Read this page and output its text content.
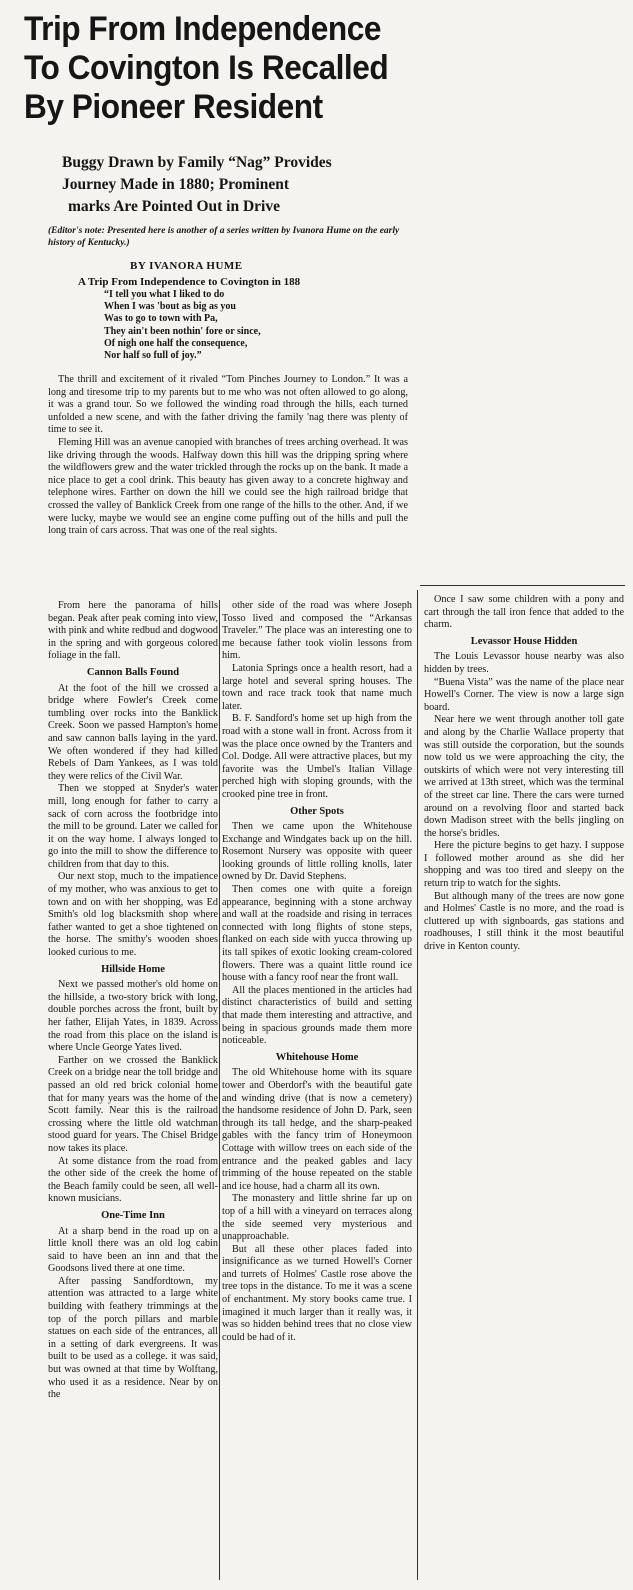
Trip From Independence
To Covington Is Recalled
By Pioneer Resident
Buggy Drawn by Family “Nag” Provides
Journey Made in 1880; Prominent
marks Are Pointed Out in Drive
(Editor's note: Presented here is another of a series written by Ivanora Hume on the early history of Kentucky.)
BY IVANORA HUME
A Trip From Independence to Covington in 188
“I tell you what I liked to do
When I was 'bout as big as you
Was to go to town with Pa,
They ain't been nothin' fore or since,
Of nigh one half the consequence,
Nor half so full of joy.”

The thrill and excitement of it rivaled “Tom Pinches Journey to London.” It was a long and tiresome trip to my parents but to me who was not often allowed to go along, it was a grand tour. So we followed the winding road through the hills, each turned unfolded a new scene, and with the father driving the family 'nag there was plenty of time to see it.

Fleming Hill was an avenue canopied with branches of trees arching overhead. It was like driving through the woods. Halfway down this hill was the dripping spring where the wildflowers grew and the water trickled through the rocks up on the bank. It made a nice place to get a cool drink. This beauty has given away to a concrete highway and telephone wires. Farther on down the hill we could see the high railroad bridge that crossed the valley of Banklick Creek from one range of the hills to the other. And, if we were lucky, maybe we would see an engine come puffing out of the hills and pull the long train of cars across. That was one of the real sights.

From here the panorama of hills began. Peak after peak coming into view, with pink and white redbud and dogwood in the spring and with gorgeous colored foliage in the fall.

Cannon Balls Found

At the foot of the hill we crossed a bridge where Fowler's Creek come tumbling over rocks into the Banklick Creek. Soon we passed Hampton's home and saw cannon balls laying in the yard. We often wondered if they had killed Rebels of Dam Yankees, as I was told they were relics of the Civil War.

Then we stopped at Snyder's water mill, long enough for father to carry a sack of corn across the footbridge into the mill to be ground. Later we called for it on the way home. I always longed to go into the mill to show the difference to children from that day to this.

Our next stop, much to the impatience of my mother, who was anxious to get to town and on with her shopping, was Ed Smith's old log blacksmith shop where father wanted to get a shoe tightened on the horse. The smithy's wooden shoes looked curious to me.

Hillside Home

Next we passed mother's old home on the hillside, a two-story brick with long, double porches across the front, built by her father, Elijah Yates, in 1839. Across the road from this place on the island is where Uncle George Yates lived.

Farther on we crossed the Banklick Creek on a bridge near the toll bridge and passed an old red brick colonial home that for many years was the home of the Scott family. Near this is the railroad crossing where the little old watchman stood guard for years. The Chisel Bridge now takes its place.

At some distance from the road from the other side of the creek the home of the Beach family could be seen, all well-known musicians.

One-Time Inn

At a sharp bend in the road up on a little knoll there was an old log cabin said to have been an inn and that the Goodsons lived there at one time.

After passing Sandfordtown, my attention was attracted to a large white building with feathery trimmings at the top of the porch pillars and marble statues on each side of the entrances, all in a setting of dark evergreens. It was built to be used as a college. it was said, but was owned at that time by Wolftang, who used it as a residence. Near by on the

other side of the road was where Joseph Tosso lived and composed the “Arkansas Traveler.” The place was an interesting one to me because father took violin lessons from him.

Latonia Springs once a health resort, had a large hotel and several spring houses. The town and race track took that name much later.

B. F. Sandford's home set up high from the road with a stone wall in front. Across from it was the place once owned by the Tranters and Col. Dodge. All were attractive places, but my favorite was the Umbel's Italian Village perched high with sloping grounds, with the crooked pine tree in front.

Other Spots

Then we came upon the Whitehouse Exchange and Windgates back up on the hill. Rosemont Nursery was opposite with queer looking grounds of little rolling knolls, later owned by Dr. David Stephens.

Then comes one with quite a foreign appearance, beginning with a stone archway and wall at the roadside and rising in terraces connected with long flights of stone steps, flanked on each side with yucca throwing up its tall spikes of exotic looking cream-colored flowers. There was a quaint little round ice house with a fancy roof near the front wall.

All the places mentioned in the articles had distinct characteristics of build and setting that made them interesting and attractive, and being in spacious grounds made them more noticeable.

Whitehouse Home

The old Whitehouse home with its square tower and Oberdorf's with the beautiful gate and winding drive (that is now a cemetery) the handsome residence of John D. Park, seen through its tall hedge, and the sharp-peaked gables with the fancy trim of Honeymoon Cottage with willow trees on each side of the entrance and the peaked gables and lacy trimming of the house repeated on the stable and ice house, had a charm all its own.

The monastery and little shrine far up on top of a hill with a vineyard on terraces along the side seemed very mysterious and unapproachable.

But all these other places faded into insignificance as we turned Howell's Corner and turrets of Holmes' Castle rose above the tree tops in the distance. To me it was a scene of enchantment. My story books came true. I imagined it much larger than it really was, it was so hidden behind trees that no close view could be had of it.

Once I saw some children with a pony and cart through the tall iron fence that added to the charm.

Levassor House Hidden

The Louis Levassor house nearby was also hidden by trees.

“Buena Vista” was the name of the place near Howell's Corner. The view is now a large sign board.

Near here we went through another toll gate and along by the Charlie Wallace property that was still outside the corporation, but the sounds now told us we were approaching the city, the outskirts of which were not very interesting till we arrived at 13th street, which was the terminal of the street car line. There the cars were turned around on a revolving floor and started back down Madison street with the bells jingling on the horse's bridles.

Here the picture begins to get hazy. I suppose I followed mother around as she did her shopping and was too tired and sleepy on the return trip to watch for the sights.

But although many of the trees are now gone and Holmes' Castle is no more, and the road is cluttered up with signboards, gas stations and roadhouses, I still think it the most beautiful drive in Kenton county.
